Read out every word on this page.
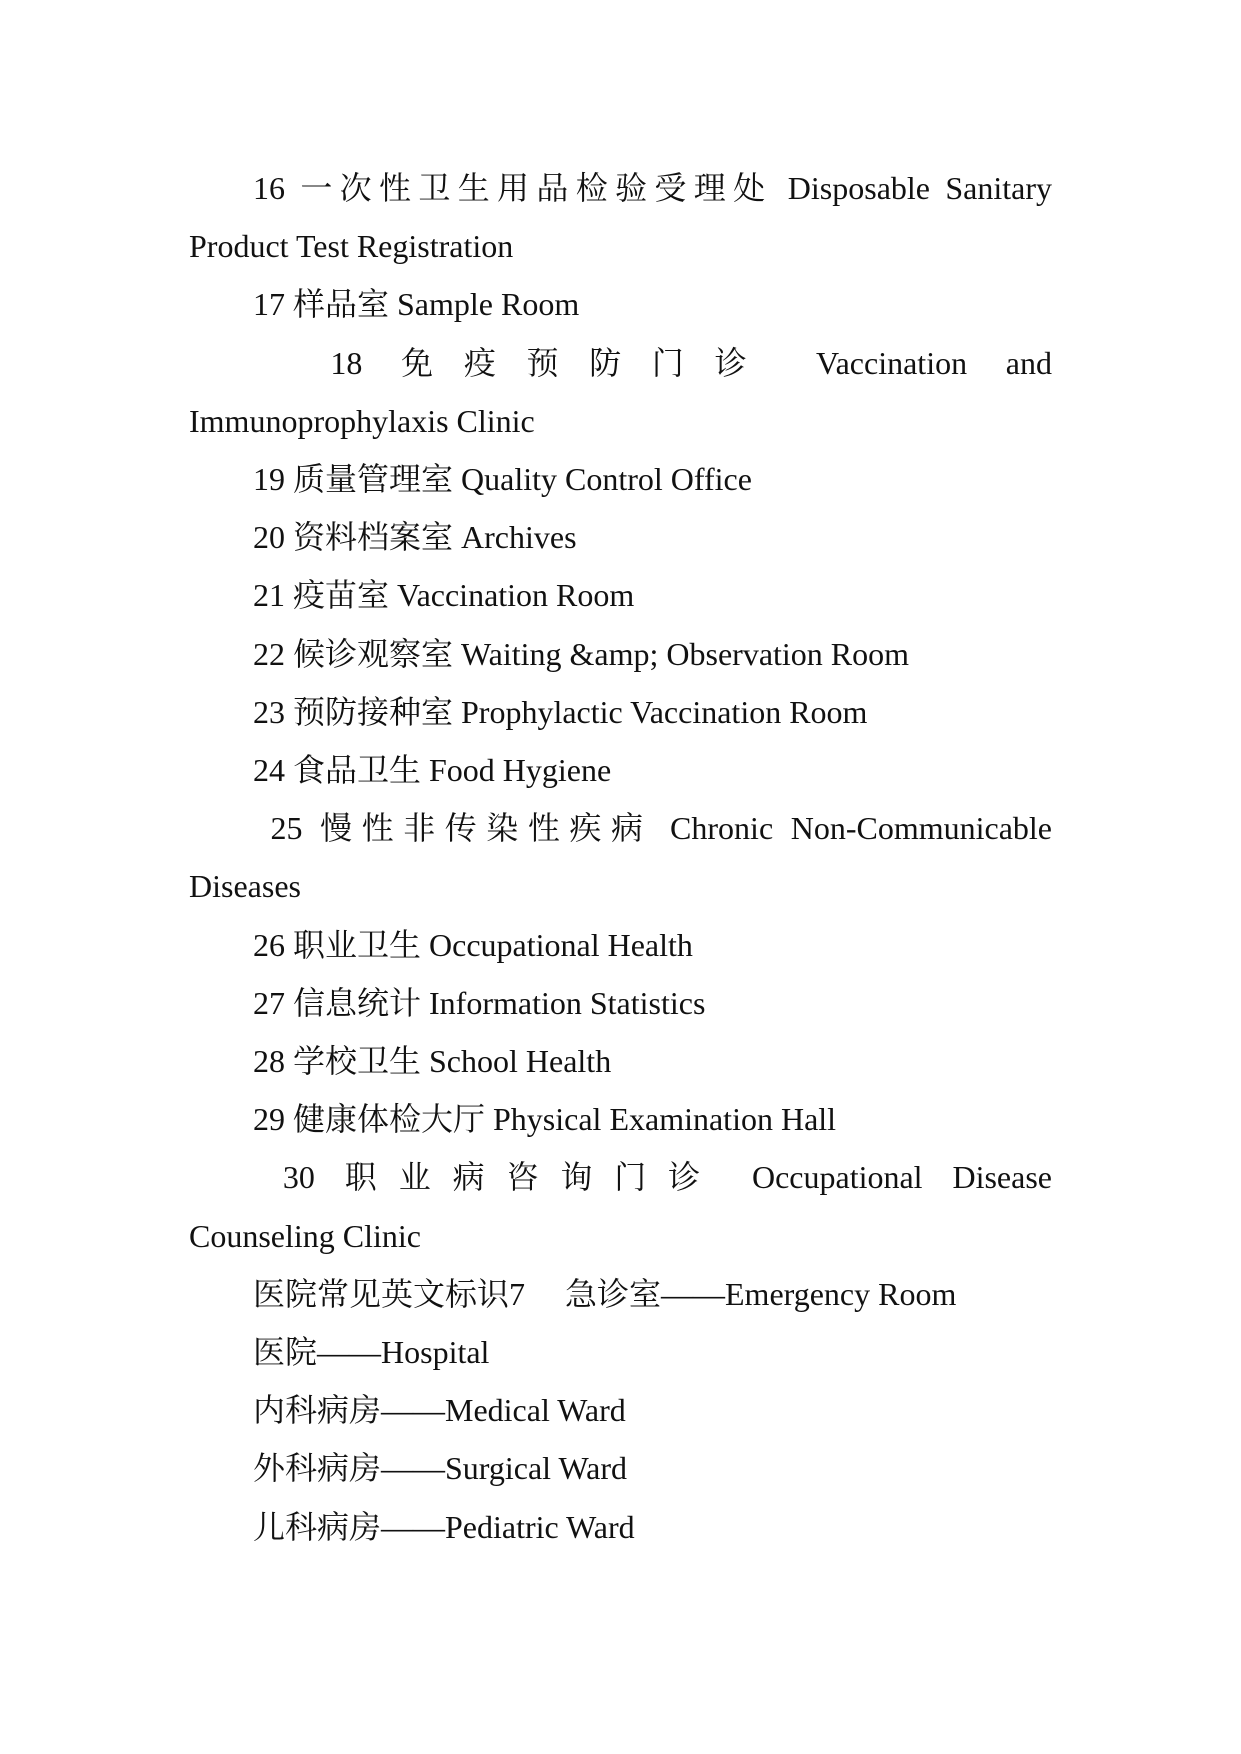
16 一次性卫生用品检验受理处 Disposable Sanitary
Product Test Registration
17 样品室 Sample Room
18 免疫预防门诊 Vaccination and
Immunoprophylaxis Clinic
19 质量管理室 Quality Control Office
20 资料档案室 Archives
21 疫苗室 Vaccination Room
22 候诊观察室 Waiting &amp; Observation Room
23 预防接种室 Prophylactic Vaccination Room
24 食品卫生 Food Hygiene
25 慢性非传染性疾病 Chronic Non-Communicable
Diseases
26 职业卫生 Occupational Health
27 信息统计 Information Statistics
28 学校卫生 School Health
29 健康体检大厅 Physical Examination Hall
30 职业病咨询门诊 Occupational Disease
Counseling Clinic
医院常见英文标识7     急诊室——Emergency Room
医院——Hospital
内科病房——Medical Ward
外科病房——Surgical Ward
儿科病房——Pediatric Ward
